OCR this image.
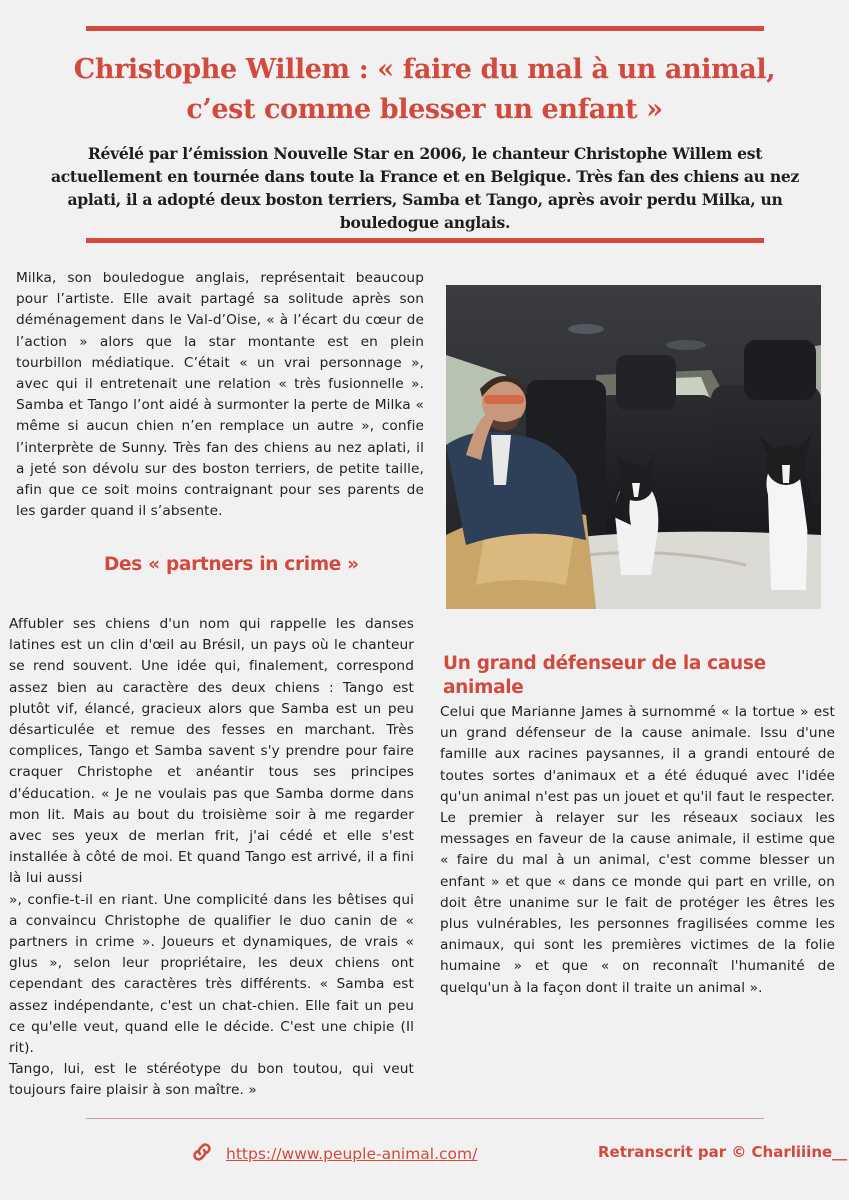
Christophe Willem : « faire du mal à un animal, c’est comme blesser un enfant »

Révélé par l’émission Nouvelle Star en 2006, le chanteur Christophe Willem est actuellement en tournée dans toute la France et en Belgique. Très fan des chiens au nez aplati, il a adopté deux boston terriers, Samba et Tango, après avoir perdu Milka, un bouledogue anglais.

Milka, son bouledogue anglais, représentait beaucoup pour l’artiste. Elle avait partagé sa solitude après son déménagement dans le Val-d’Oise, « à l’écart du cœur de l’action » alors que la star montante est en plein tourbillon médiatique. C’était « un vrai personnage », avec qui il entretenait une relation « très fusionnelle ». Samba et Tango l’ont aidé à surmonter la perte de Milka « même si aucun chien n’en remplace un autre », confie l’interprète de Sunny. Très fan des chiens au nez aplati, il a jeté son dévolu sur des boston terriers, de petite taille, afin que ce soit moins contraignant pour ses parents de les garder quand il s’absente.

Des « partners in crime »

Affubler ses chiens d'un nom qui rappelle les danses latines est un clin d'œil au Brésil, un pays où le chanteur se rend souvent. Une idée qui, finalement, correspond assez bien au caractère des deux chiens : Tango est plutôt vif, élancé, gracieux alors que Samba est un peu désarticulée et remue des fesses en marchant. Très complices, Tango et Samba savent s'y prendre pour faire craquer Christophe et anéantir tous ses principes d'éducation. « Je ne voulais pas que Samba dorme dans mon lit. Mais au bout du troisième soir à me regarder avec ses yeux de merlan frit, j'ai cédé et elle s'est installée à côté de moi. Et quand Tango est arrivé, il a fini là lui aussi

», confie-t-il en riant. Une complicité dans les bêtises qui a convaincu Christophe de qualifier le duo canin de « partners in crime ». Joueurs et dynamiques, de vrais « glus », selon leur propriétaire, les deux chiens ont cependant des caractères très différents. « Samba est assez indépendante, c'est un chat-chien. Elle fait un peu ce qu'elle veut, quand elle le décide. C'est une chipie (Il rit).

Tango, lui, est le stéréotype du bon toutou, qui veut toujours faire plaisir à son maître. »

Un grand défenseur de la cause animale

Celui que Marianne James à surnommé « la tortue » est un grand défenseur de la cause animale. Issu d'une famille aux racines paysannes, il a grandi entouré de toutes sortes d'animaux et a été éduqué avec l'idée qu'un animal n'est pas un jouet et qu'il faut le respecter. Le premier à relayer sur les réseaux sociaux les messages en faveur de la cause animale, il estime que « faire du mal à un animal, c'est comme blesser un enfant » et que « dans ce monde qui part en vrille, on doit être unanime sur le fait de protéger les êtres les plus vulnérables, les personnes fragilisées comme les animaux, qui sont les premières victimes de la folie humaine » et que « on reconnaît l'humanité de quelqu'un à la façon dont il traite un animal ».

https://www.peuple-animal.com/	Retranscrit par © Charliiine__
